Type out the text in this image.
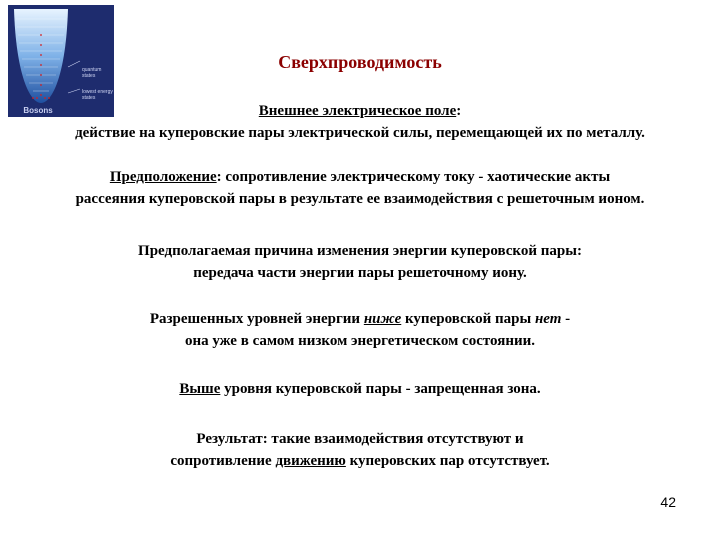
quantum states
lowest energy states
Bosons
Сверхпроводимость

Внешнее электрическое поле:

действие на куперовские пары электрической силы, перемещающей их по металлу.

Предположение: сопротивление электрическому току - хаотические акты

рассеяния куперовской пары в результате ее взаимодействия с решеточным ионом.

Предполагаемая причина изменения энергии куперовской пары:

передача части энергии пары решеточному иону.

Разрешенных уровней энергии ниже куперовской пары нет -

она уже в самом низком энергетическом состоянии.

Выше уровня куперовской пары - запрещенная зона.

Результат: такие взаимодействия отсутствуют и

сопротивление движению куперовских пар отсутствует.

42
